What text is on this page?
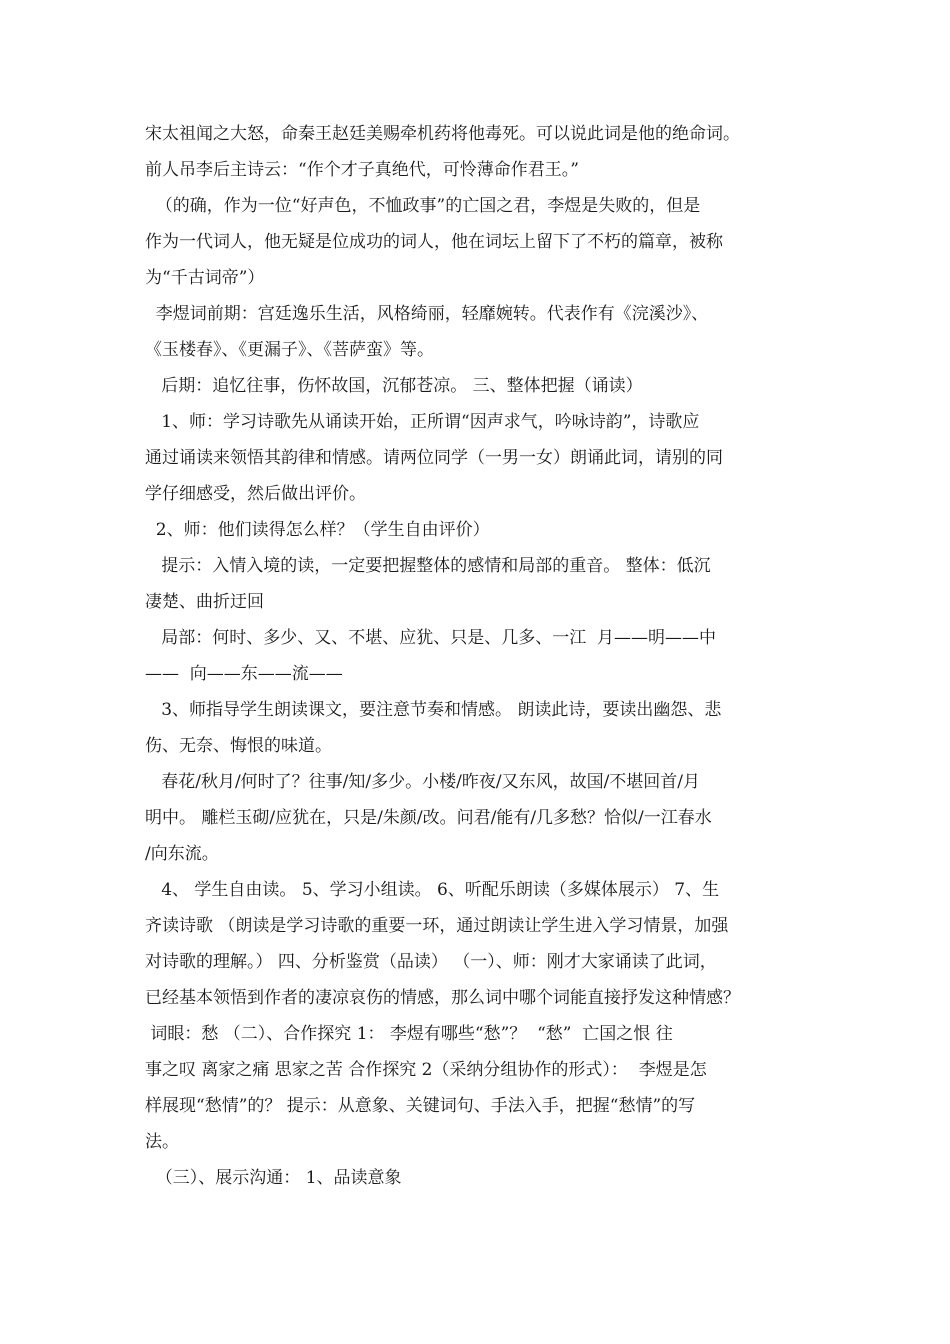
宋太祖闻之大怒，命秦王赵廷美赐牵机药将他毒死。可以说此词是他的绝命词。
前人吊李后主诗云：“作个才子真绝代，可怜薄命作君王。”
（的确，作为一位“好声色，不恤政事”的亡国之君，李煜是失败的，但是
作为一代词人，他无疑是位成功的词人，他在词坛上留下了不朽的篇章，被称
为“千古词帝”）
李煜词前期：宫廷逸乐生活，风格绮丽，轻靡婉转。代表作有《浣溪沙》、
《玉楼春》、《更漏子》、《菩萨蛮》等。
后期：追忆往事，伤怀故国，沉郁苍凉。 三、整体把握（诵读）
1、师：学习诗歌先从诵读开始，正所谓“因声求气，吟咏诗韵”，诗歌应
通过诵读来领悟其韵律和情感。请两位同学（一男一女）朗诵此词，请别的同
学仔细感受，然后做出评价。
2、师：他们读得怎么样？（学生自由评价）
提示：入情入境的读，一定要把握整体的感情和局部的重音。 整体：低沉
凄楚、曲折迂回
局部：何时、多少、又、不堪、应犹、只是、几多、一江  月——明——中
——  向——东——流——
3、师指导学生朗读课文，要注意节奏和情感。 朗读此诗，要读出幽怨、悲
伤、无奈、悔恨的味道。
春花/秋月/何时了？往事/知/多少。小楼/昨夜/又东风，故国/不堪回首/月
明中。 雕栏玉砌/应犹在，只是/朱颜/改。问君/能有/几多愁？恰似/一江春水
/向东流。
4、 学生自由读。 5、学习小组读。 6、听配乐朗读（多媒体展示） 7、生
齐读诗歌 （朗读是学习诗歌的重要一环，通过朗读让学生进入学习情景，加强
对诗歌的理解。） 四、分析鉴赏（品读） （一）、师：刚才大家诵读了此词，
已经基本领悟到作者的凄凉哀伤的情感，那么词中哪个词能直接抒发这种情感？
词眼：愁 （二）、合作探究 1： 李煜有哪些“愁”？  “愁”  亡国之恨 往
事之叹 离家之痛 思家之苦 合作探究 2（采纳分组协作的形式）：  李煜是怎
样展现“愁情”的？ 提示：从意象、关键词句、手法入手，把握“愁情”的写
法。
（三）、展示沟通： 1、品读意象
